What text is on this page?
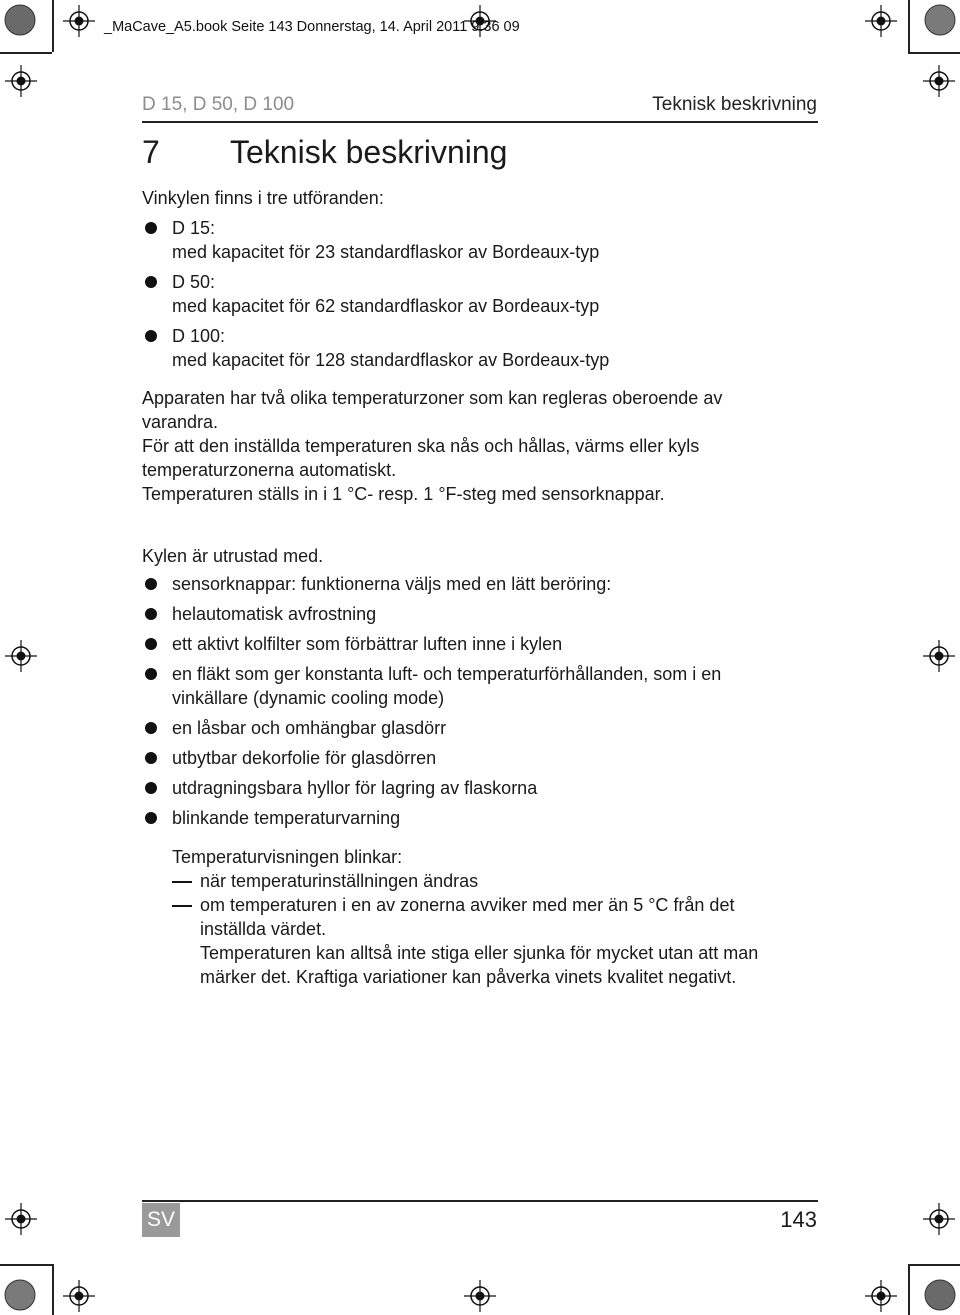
_MaCave_A5.book Seite 143 Donnerstag, 14. April 2011 9:36 09
D 15, D 50, D 100	Teknisk beskrivning
7 Teknisk beskrivning
Vinkylen finns i tre utföranden:
D 15:
med kapacitet för 23 standardflaskor av Bordeaux-typ
D 50:
med kapacitet för 62 standardflaskor av Bordeaux-typ
D 100:
med kapacitet för 128 standardflaskor av Bordeaux-typ
Apparaten har två olika temperaturzoner som kan regleras oberoende av
varandra.
För att den inställda temperaturen ska nås och hållas, värms eller kyls
temperaturzonerna automatiskt.
Temperaturen ställs in i 1 °C- resp. 1 °F-steg med sensorknappar.
Kylen är utrustad med.
sensorknappar: funktionerna väljs med en lätt beröring:
helautomatisk avfrostning
ett aktivt kolfilter som förbättrar luften inne i kylen
en fläkt som ger konstanta luft- och temperaturförhållanden, som i en
vinkällare (dynamic cooling mode)
en låsbar och omhängbar glasdörr
utbytbar dekorfolie för glasdörren
utdragningsbara hyllor för lagring av flaskorna
blinkande temperaturvarning
Temperaturvisningen blinkar:
när temperaturinställningen ändras
om temperaturen i en av zonerna avviker med mer än 5 °C från det
inställda värdet.
Temperaturen kan alltså inte stiga eller sjunka för mycket utan att man
märker det. Kraftiga variationer kan påverka vinets kvalitet negativt.
SV	143
